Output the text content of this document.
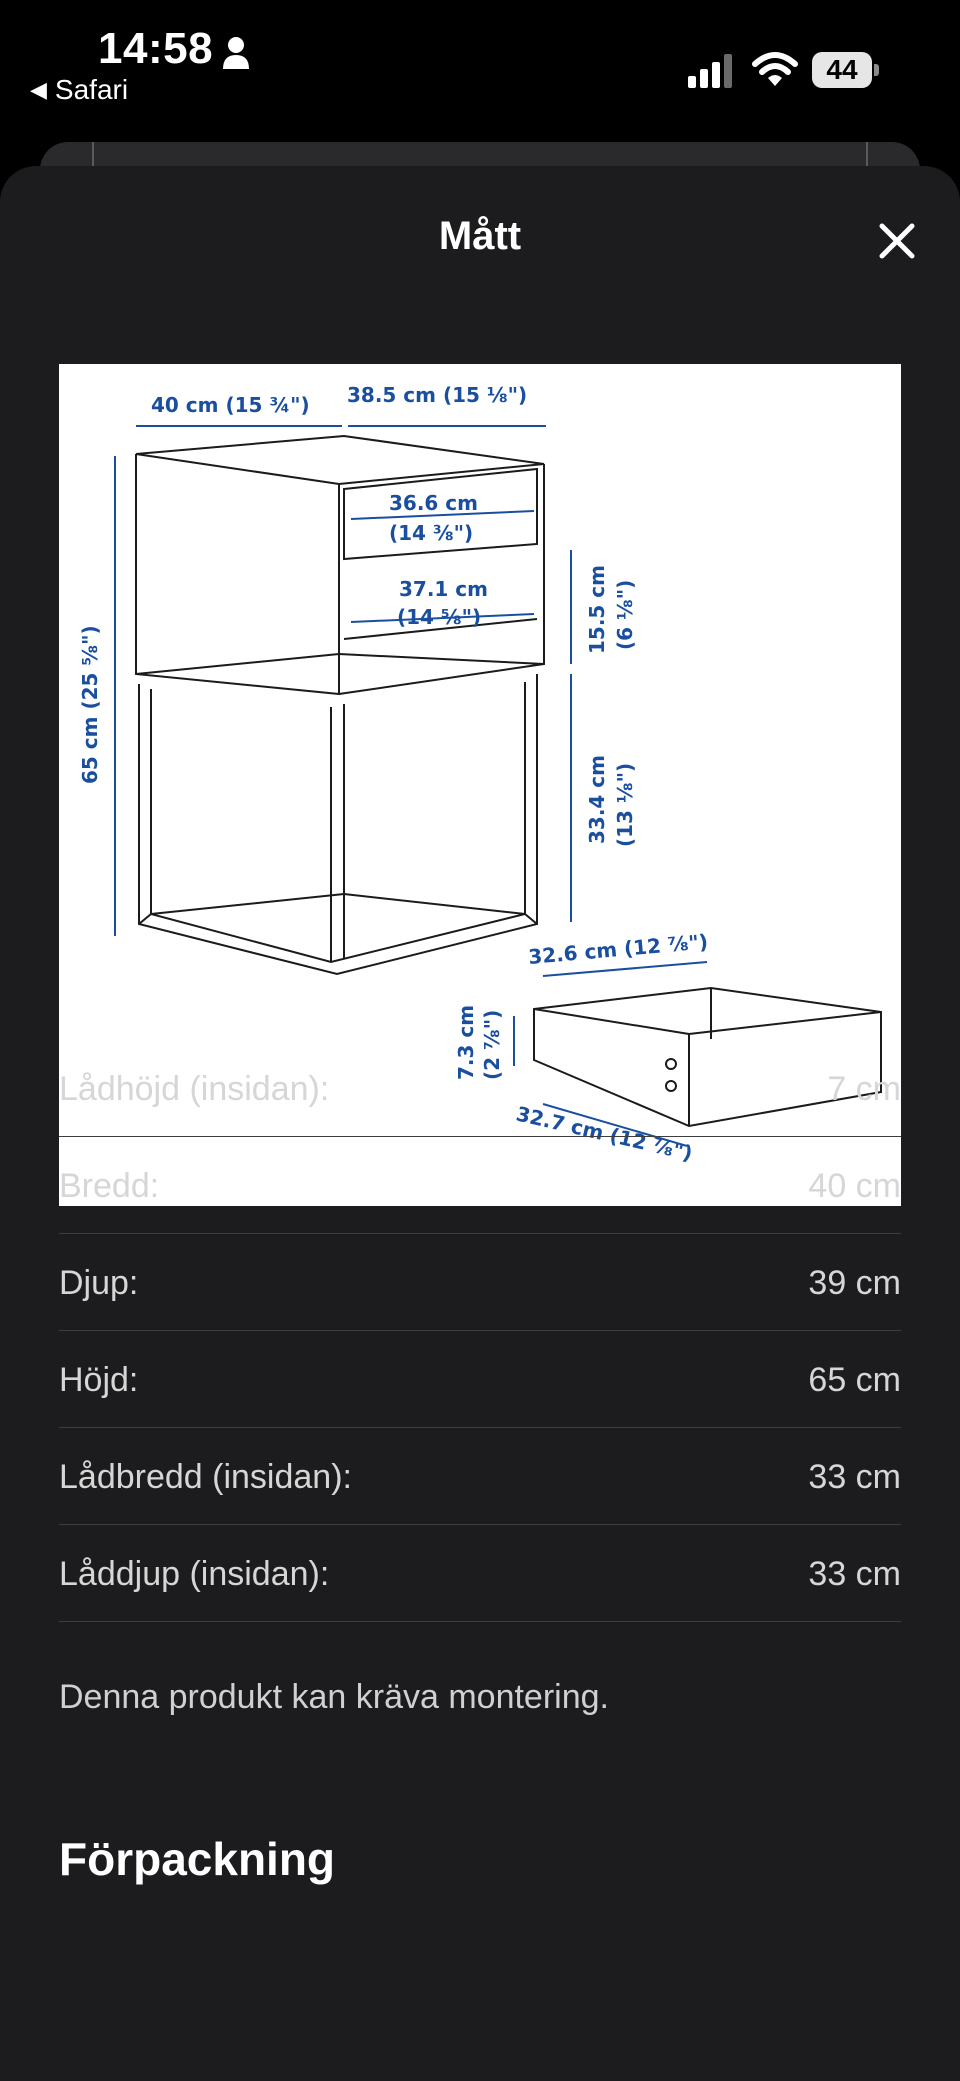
14:58
◀ Safari
44
Mått
40 cm (15 ¾") 38.5 cm (15 ⅛")
36.6 cm
(14 ⅜")
37.1 cm
(14 ⅝")	15.5 cm (6 ⅛")
33.4 cm (13 ⅛")
65 cm (25 ⅝")
32.6 cm (12 ⅞")
7.3 cm (2 ⅞")
32.7 cm (12 ⅞")
Lådhöjd (insidan):	7 cm
Bredd:	40 cm
Djup:	39 cm
Höjd:	65 cm
Lådbredd (insidan):	33 cm
Låddjup (insidan):	33 cm
Denna produkt kan kräva montering.
Förpackning
